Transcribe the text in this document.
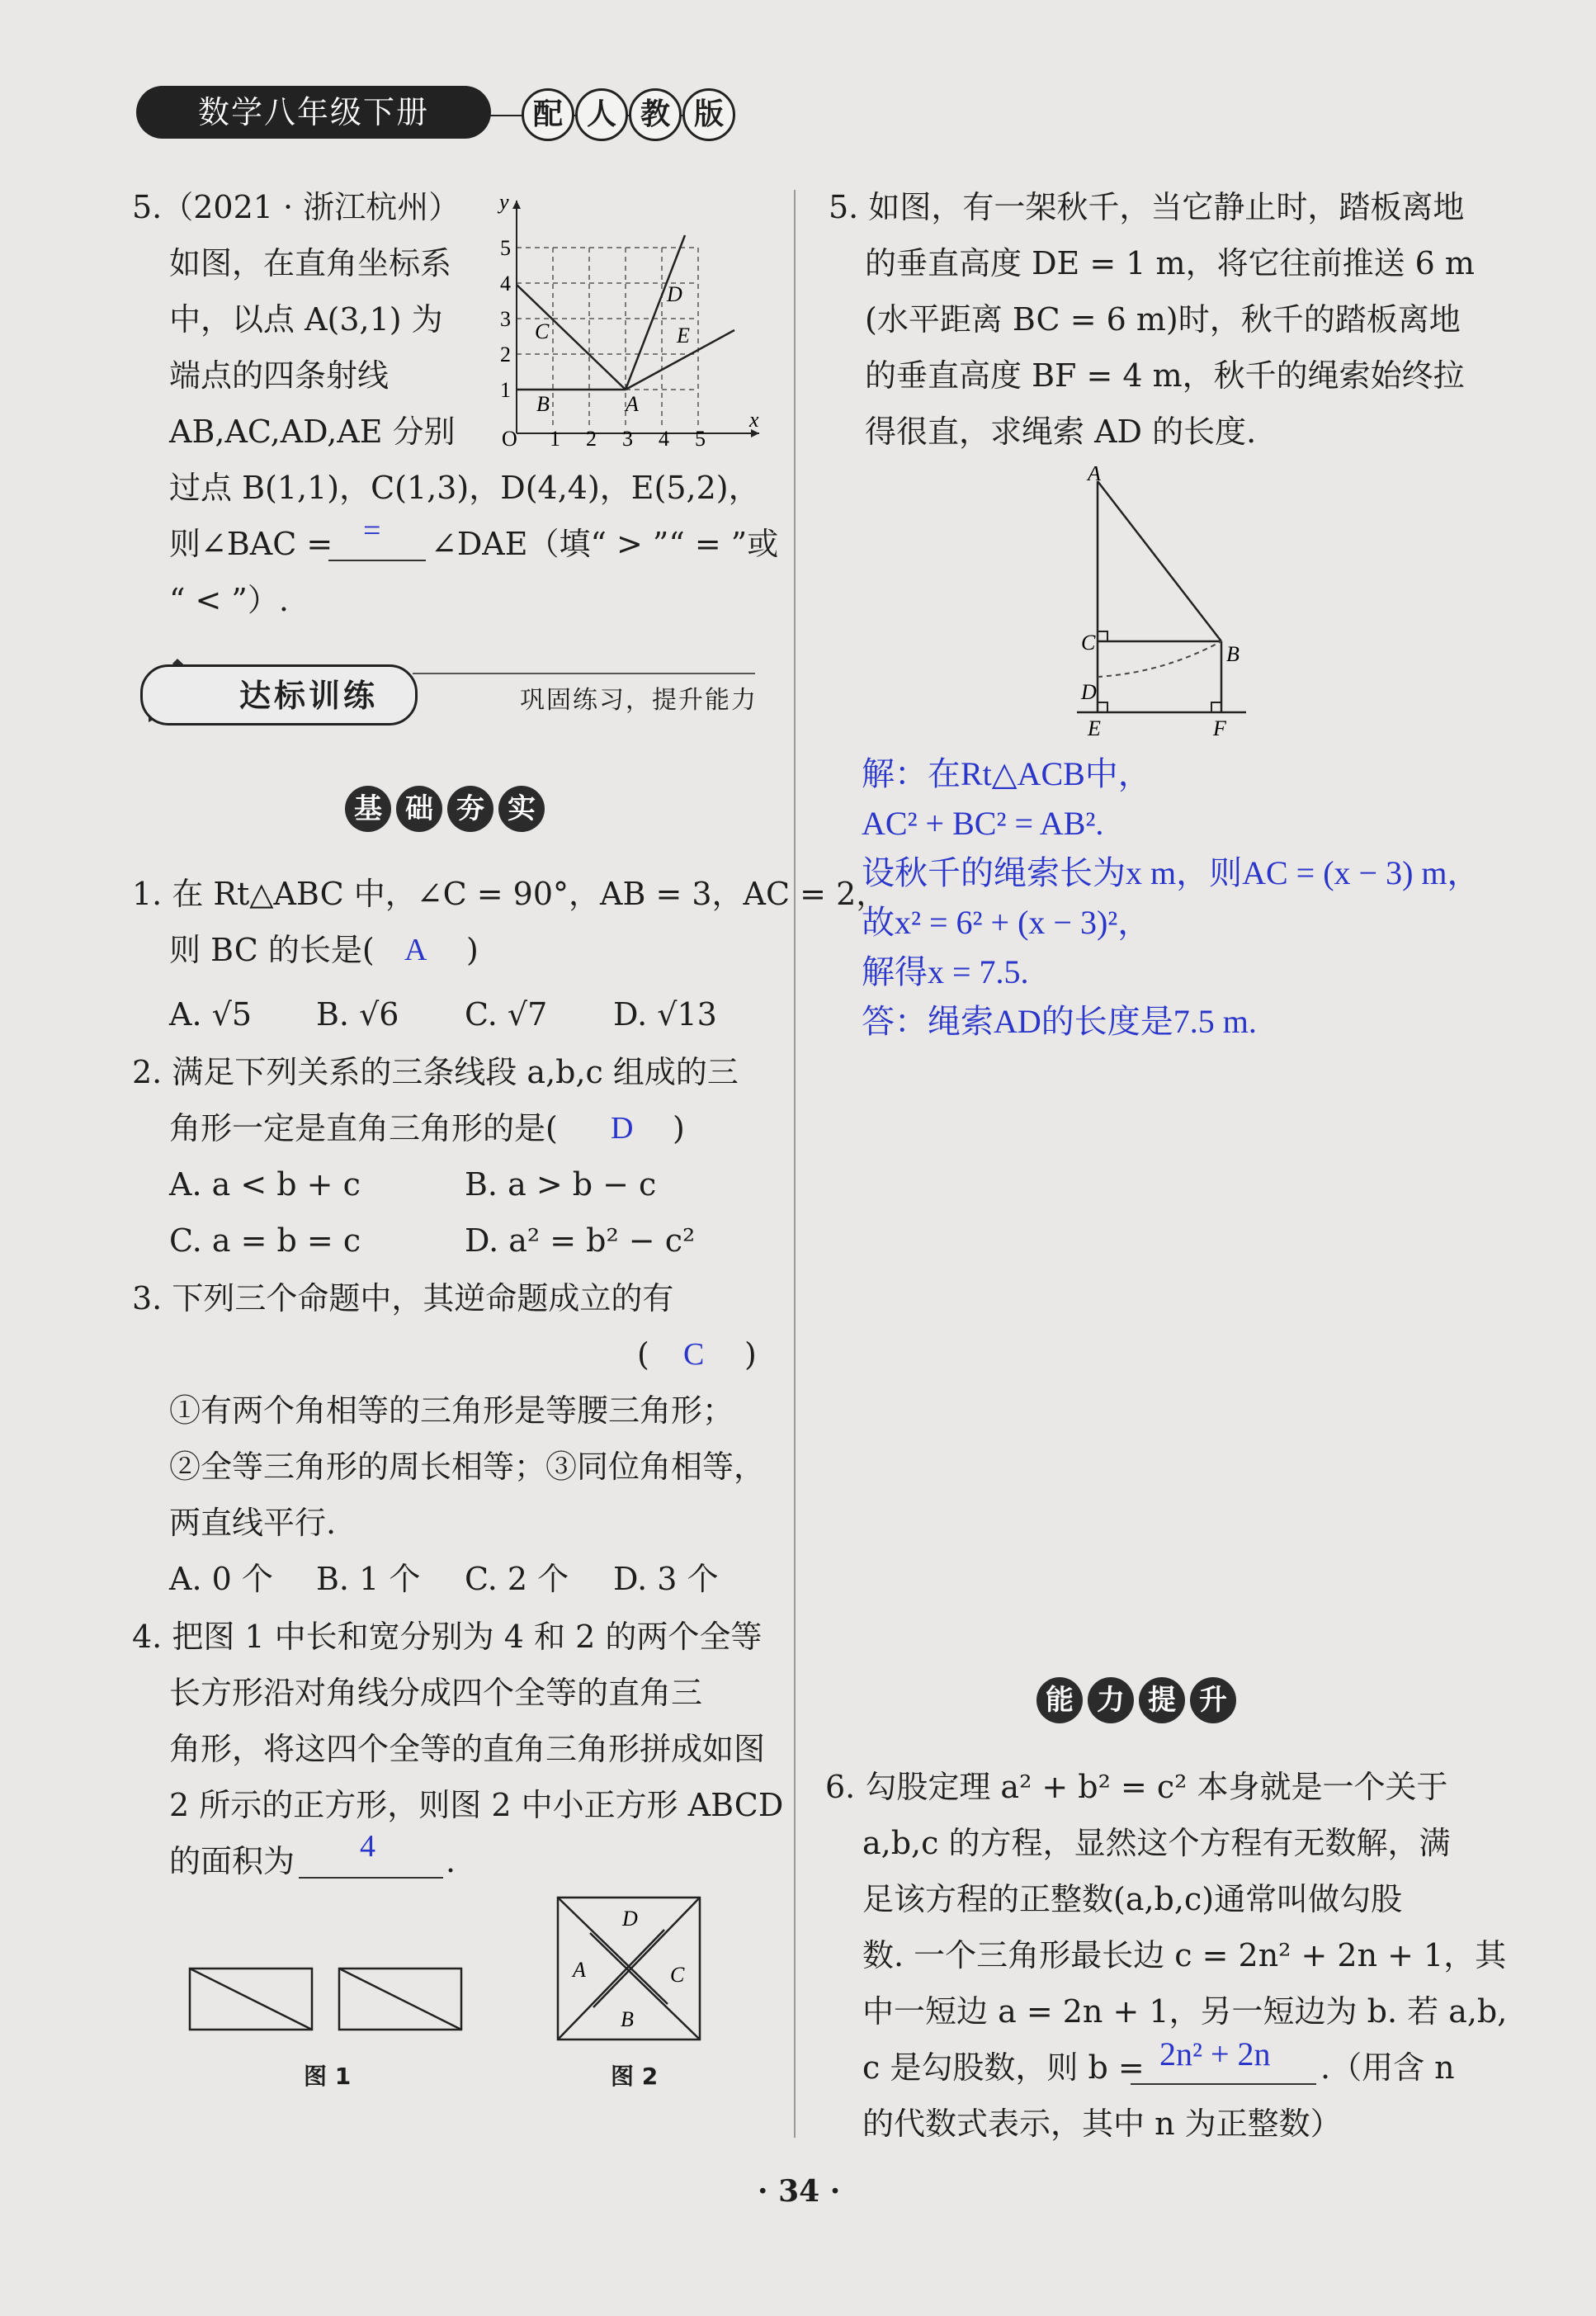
数学八年级下册	配 人 教 版
5.（2021 · 浙江杭州）
如图，在直角坐标系
中，以点 A(3,1) 为
端点的四条射线
AB,AC,AD,AE 分别
过点 B(1,1)，C(1,3)，D(4,4)，E(5,2)，
则∠BAC = = ∠DAE（填“ > ”“ = ”或
“ < ”）.
y
x
O 1 2 3 4 5
1
2
3
4
5
A
B
C
D
E
达标训练	巩固练习，提升能力
基 础 夯 实
1. 在 Rt△ABC 中，∠C = 90°，AB = 3，AC = 2，
则 BC 的长是( A )
A. √5 B. √6 C. √7 D. √13
2. 满足下列关系的三条线段 a,b,c 组成的三
角形一定是直角三角形的是( D )
A. a < b + c	B. a > b − c
C. a = b = c	D. a² = b² − c²
3. 下列三个命题中，其逆命题成立的有
( C )
①有两个角相等的三角形是等腰三角形；
②全等三角形的周长相等；③同位角相等，
两直线平行.
A. 0 个 B. 1 个 C. 2 个 D. 3 个
4. 把图 1 中长和宽分别为 4 和 2 的两个全等
长方形沿对角线分成四个全等的直角三
角形，将这四个全等的直角三角形拼成如图
2 所示的正方形，则图 2 中小正方形 ABCD
的面积为 4 .
图 1
D
A	C
B
图 2
5. 如图，有一架秋千，当它静止时，踏板离地
的垂直高度 DE = 1 m，将它往前推送 6 m
(水平距离 BC = 6 m)时，秋千的踏板离地
的垂直高度 BF = 4 m，秋千的绳索始终拉
得很直，求绳索 AD 的长度.
A
B
C
D
E	F
解：在Rt△ACB中，
AC² + BC² = AB².
设秋千的绳索长为x m，则AC = (x − 3) m，
故x² = 6² + (x − 3)²，
解得x = 7.5.
答：绳索AD的长度是7.5 m.
能 力 提 升
6. 勾股定理 a² + b² = c² 本身就是一个关于
a,b,c 的方程，显然这个方程有无数解，满
足该方程的正整数(a,b,c)通常叫做勾股
数. 一个三角形最长边 c = 2n² + 2n + 1，其
中一短边 a = 2n + 1，另一短边为 b. 若 a,b,
c 是勾股数，则 b = 2n² + 2n .（用含 n
的代数式表示，其中 n 为正整数）
· 34 ·
